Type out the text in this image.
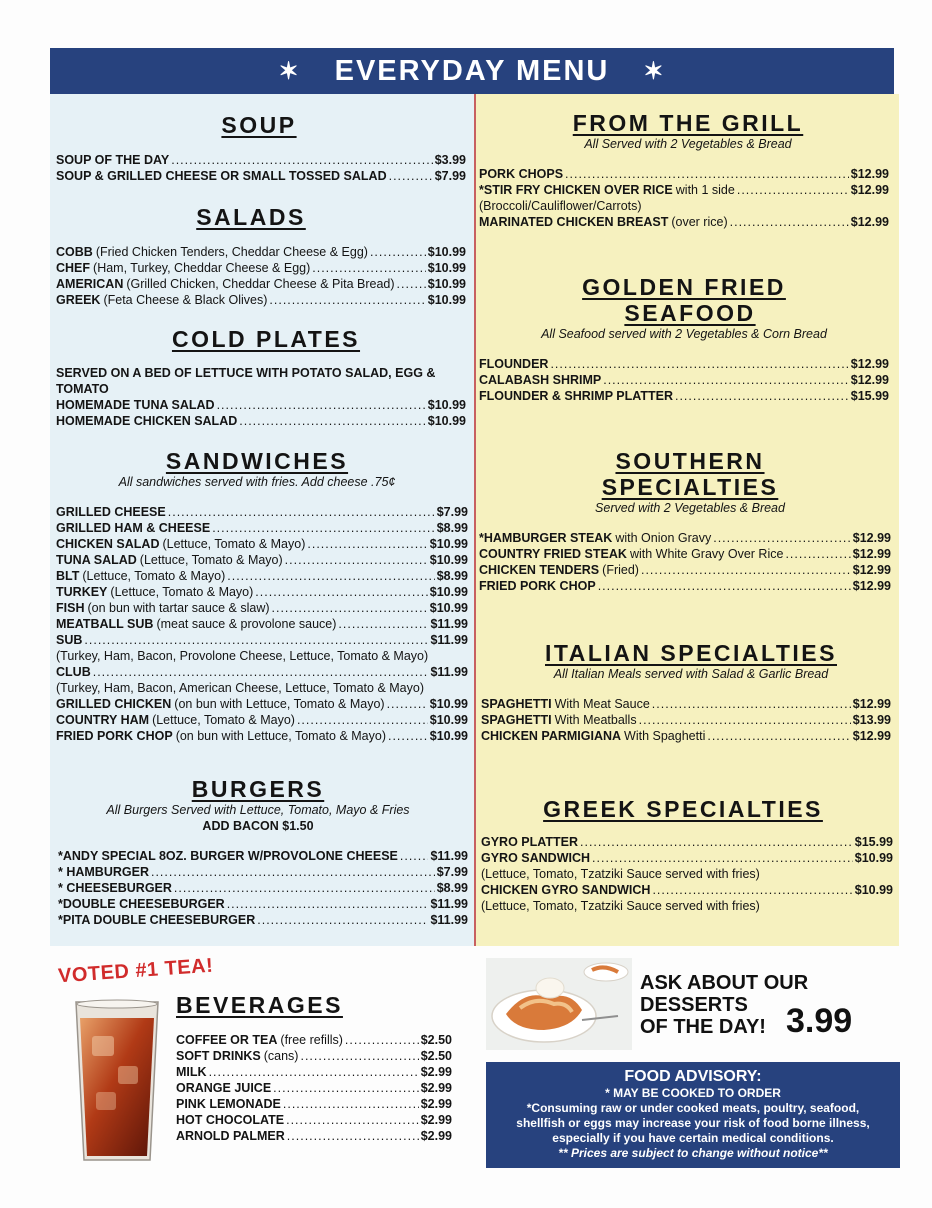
✶ EVERYDAY MENU ✶
SOUP
SOUP OF THE DAY .....	$3.99
SOUP & GRILLED CHEESE OR SMALL TOSSED SALAD .....	$7.99
SALADS
COBB (Fried Chicken Tenders, Cheddar Cheese & Egg) .....	$10.99
CHEF (Ham, Turkey, Cheddar Cheese & Egg) .....	$10.99
AMERICAN (Grilled Chicken, Cheddar Cheese & Pita Bread) .....	$10.99
GREEK (Feta Cheese & Black Olives) .....	$10.99
COLD PLATES
SERVED ON A BED OF LETTUCE WITH POTATO SALAD, EGG & TOMATO
HOMEMADE TUNA SALAD .....	$10.99
HOMEMADE CHICKEN SALAD .....	$10.99
SANDWICHES
All sandwiches served with fries. Add cheese .75¢
GRILLED CHEESE .....	$7.99
GRILLED HAM & CHEESE .....	$8.99
CHICKEN SALAD (Lettuce, Tomato & Mayo) .....	$10.99
TUNA SALAD (Lettuce, Tomato & Mayo) .....	$10.99
BLT (Lettuce, Tomato & Mayo) .....	$8.99
TURKEY (Lettuce, Tomato & Mayo) .....	$10.99
FISH (on bun with tartar sauce & slaw) .....	$10.99
MEATBALL SUB (meat sauce & provolone sauce) .....	$11.99
SUB .....	$11.99
(Turkey, Ham, Bacon, Provolone Cheese, Lettuce, Tomato & Mayo)
CLUB .....	$11.99
(Turkey, Ham, Bacon, American Cheese, Lettuce, Tomato & Mayo)
GRILLED CHICKEN (on bun with Lettuce, Tomato & Mayo) .....	$10.99
COUNTRY HAM (Lettuce, Tomato & Mayo) .....	$10.99
FRIED PORK CHOP (on bun with Lettuce, Tomato & Mayo) .....	$10.99
BURGERS
All Burgers Served with Lettuce, Tomato, Mayo & Fries
ADD BACON $1.50
*ANDY SPECIAL 8OZ. BURGER W/PROVOLONE CHEESE .....	$11.99
* HAMBURGER .....	$7.99
* CHEESEBURGER .....	$8.99
*DOUBLE CHEESEBURGER .....	$11.99
*PITA DOUBLE CHEESEBURGER .....	$11.99
FROM THE GRILL
All Served with 2 Vegetables & Bread
PORK CHOPS .....	$12.99
*STIR FRY CHICKEN OVER RICE with 1 side .....	$12.99
(Broccoli/Cauliflower/Carrots)
MARINATED CHICKEN BREAST (over rice) .....	$12.99
GOLDEN FRIED
SEAFOOD
All Seafood served with 2 Vegetables & Corn Bread
FLOUNDER .....	$12.99
CALABASH SHRIMP .....	$12.99
FLOUNDER & SHRIMP PLATTER .....	$15.99
SOUTHERN
SPECIALTIES
Served with 2 Vegetables & Bread
*HAMBURGER STEAK with Onion Gravy .....	$12.99
COUNTRY FRIED STEAK with White Gravy Over Rice .....	$12.99
CHICKEN TENDERS (Fried) .....	$12.99
FRIED PORK CHOP .....	$12.99
ITALIAN SPECIALTIES
All Italian Meals served with Salad & Garlic Bread
SPAGHETTI With Meat Sauce .....	$12.99
SPAGHETTI With Meatballs .....	$13.99
CHICKEN PARMIGIANA With Spaghetti .....	$12.99
GREEK SPECIALTIES
GYRO PLATTER .....	$15.99
GYRO SANDWICH .....	$10.99
(Lettuce, Tomato, Tzatziki Sauce served with fries)
CHICKEN GYRO SANDWICH .....	$10.99
(Lettuce, Tomato, Tzatziki Sauce served with fries)
VOTED #1 TEA!
BEVERAGES
COFFEE OR TEA (free refills) .....	$2.50
SOFT DRINKS (cans) .....	$2.50
MILK .....	$2.99
ORANGE JUICE .....	$2.99
PINK LEMONADE .....	$2.99
HOT CHOCOLATE .....	$2.99
ARNOLD PALMER .....	$2.99
ASK ABOUT OUR
DESSERTS
OF THE DAY! 3.99
FOOD ADVISORY:
* MAY BE COOKED TO ORDER
*Consuming raw or under cooked meats, poultry, seafood,
shellfish or eggs may increase your risk of food borne illness,
especially if you have certain medical conditions.
** Prices are subject to change without notice**
